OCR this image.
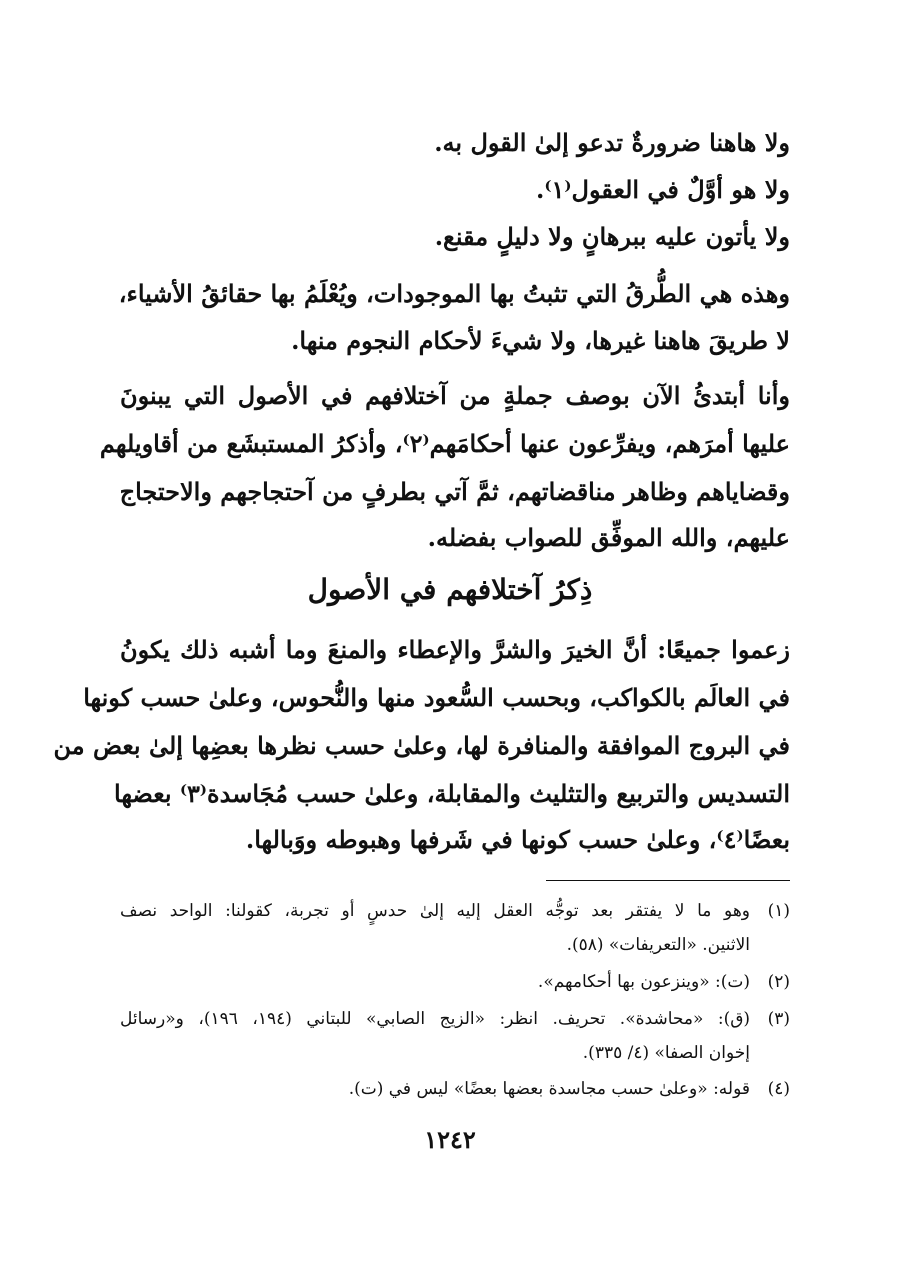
ولا هاهنا ضرورةٌ تدعو إلىٰ القول به.

ولا هو أوَّلٌ في العقول⁽١⁾.

ولا يأتون عليه ببرهانٍ ولا دليلٍ مقنع.

وهذه هي الطُّرقُ التي تثبتُ بها الموجودات، ويُعْلَمُ بها حقائقُ الأشياء،

لا طريقَ هاهنا غيرها، ولا شيءَ لأحكام النجوم منها.

وأنا أبتدئُ الآن بوصف جملةٍ من آختلافهم في الأصول التي يبنونَ

عليها أمرَهم، ويفرِّعون عنها أحكامَهم⁽٢⁾، وأذكرُ المستبشَع من أقاويلهم

وقضاياهم وظاهر مناقضاتهم، ثمَّ آتي بطرفٍ من آحتجاجهم والاحتجاج

عليهم، والله الموفِّق للصواب بفضله.

ذِكرُ آختلافهم في الأصول

زعموا جميعًا: أنَّ الخيرَ والشرَّ والإعطاء والمنعَ وما أشبه ذلك يكونُ

في العالَم بالكواكب، وبحسب السُّعود منها والنُّحوس، وعلىٰ حسب كونها

في البروج الموافقة والمنافرة لها، وعلىٰ حسب نظرها بعضِها إلىٰ بعض من

التسديس والتربيع والتثليث والمقابلة، وعلىٰ حسب مُجَاسدة⁽٣⁾ بعضها

بعضًا⁽٤⁾، وعلىٰ حسب كونها في شَرفها وهبوطه ووَبالها.

(١)وهو ما لا يفتقر بعد توجُّه العقل إليه إلىٰ حدسٍ أو تجربة، كقولنا: الواحد نصف

الاثنين. «التعريفات» (٥٨).

(٢)(ت): «وينزعون بها أحكامهم».

(٣)(ق): «محاشدة». تحريف. انظر: «الزيج الصابي» للبتاني (١٩٤، ١٩٦)، و«رسائل

إخوان الصفا» (٤/ ٣٣٥).

(٤)قوله: «وعلىٰ حسب مجاسدة بعضها بعضًا» ليس في (ت).

١٢٤٢
